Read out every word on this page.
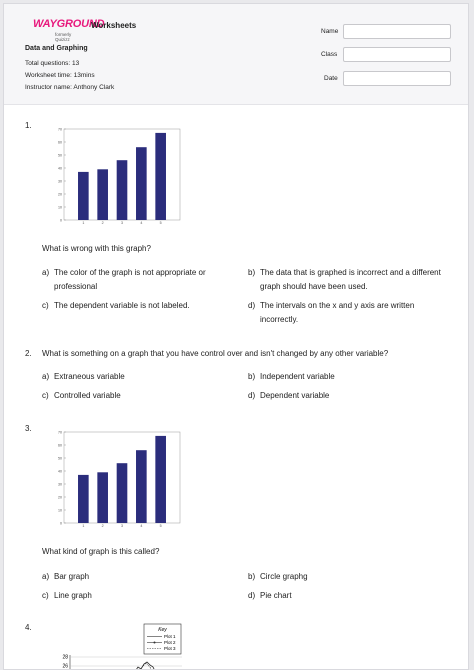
WAYGROUND
formerly Quizizz
Worksheets
Data and Graphing
Total questions: 13
Worksheet time: 13mins
Instructor name: Anthony Clark
Name
Class
Date
1.
0
10
20
30
40
50
60
70
1	2	3	4	5
What is wrong with this graph?
a) The color of the graph is not appropriate or
professional
b) The data that is graphed is incorrect and a different
graph should have been used.
c) The dependent variable is not labeled.	d) The intervals on the x and y axis are written
incorrectly.
2. What is something on a graph that you have control over and isn't changed by any other variable?
a) Extraneous variable	b) Independent variable
c) Controlled variable	d) Dependent variable
3.
0
10
20
30
40
50
60
70
1	2	3	4	5
What kind of graph is this called?
a) Bar graph	b) Circle graphg
c) Line graph	d) Pie chart
4.	Key
Plot 1
Plot 2
Plot 3
28
26
